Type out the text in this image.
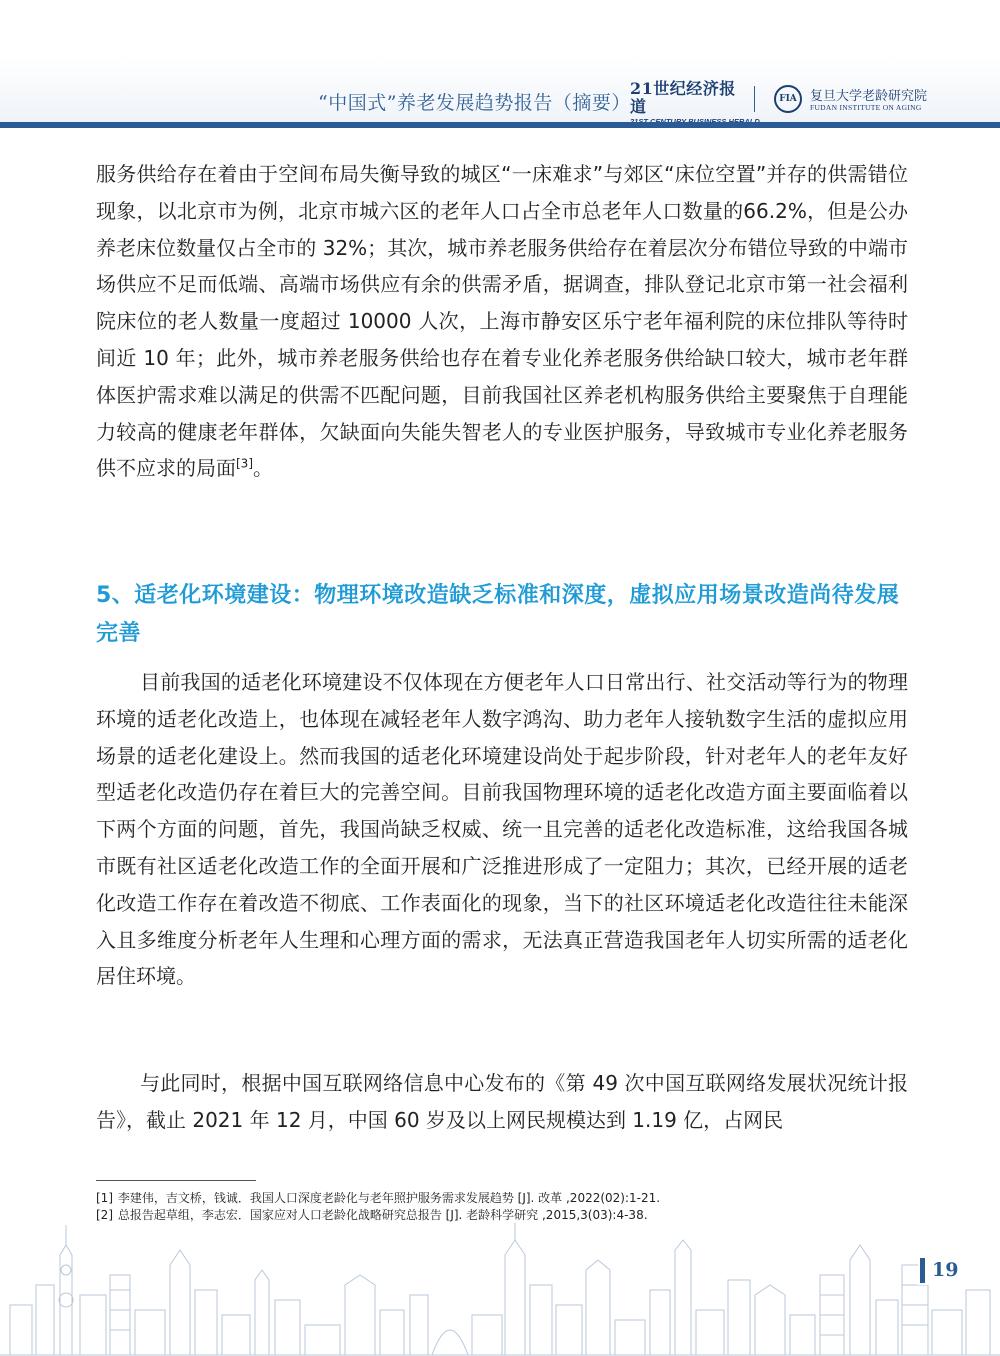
“中国式”养老发展趋势报告（摘要）
21世纪经济报道	FIA	复旦大学老龄研究院
FUDAN INSTITUTE ON AGING

服务供给存在着由于空间布局失衡导致的城区“一床难求”与郊区“床位空置”并存的供需错位现象，以北京市为例，北京市城六区的老年人口占全市总老年人口数量的66.2%，但是公办养老床位数量仅占全市的 32%；其次，城市养老服务供给存在着层次分布错位导致的中端市场供应不足而低端、高端市场供应有余的供需矛盾，据调查，排队登记北京市第一社会福利院床位的老人数量一度超过 10000 人次，上海市静安区乐宁老年福利院的床位排队等待时间近 10 年；此外，城市养老服务供给也存在着专业化养老服务供给缺口较大，城市老年群体医护需求难以满足的供需不匹配问题，目前我国社区养老机构服务供给主要聚焦于自理能力较高的健康老年群体，欠缺面向失能失智老人的专业医护服务，导致城市专业化养老服务供不应求的局面[3]。

5、适老化环境建设：物理环境改造缺乏标准和深度，虚拟应用场景改造尚待发展完善

目前我国的适老化环境建设不仅体现在方便老年人口日常出行、社交活动等行为的物理环境的适老化改造上，也体现在减轻老年人数字鸿沟、助力老年人接轨数字生活的虚拟应用场景的适老化建设上。然而我国的适老化环境建设尚处于起步阶段，针对老年人的老年友好型适老化改造仍存在着巨大的完善空间。目前我国物理环境的适老化改造方面主要面临着以下两个方面的问题，首先，我国尚缺乏权威、统一且完善的适老化改造标准，这给我国各城市既有社区适老化改造工作的全面开展和广泛推进形成了一定阻力；其次，已经开展的适老化改造工作存在着改造不彻底、工作表面化的现象，当下的社区环境适老化改造往往未能深入且多维度分析老年人生理和心理方面的需求，无法真正营造我国老年人切实所需的适老化居住环境。

与此同时，根据中国互联网络信息中心发布的《第 49 次中国互联网络发展状况统计报告》，截止 2021 年 12 月，中国 60 岁及以上网民规模达到 1.19 亿，占网民

[1] 李建伟，吉文桥，钱诚．我国人口深度老龄化与老年照护服务需求发展趋势 [J]. 改革 ,2022(02):1-21.

[2] 总报告起草组，李志宏．国家应对人口老龄化战略研究总报告 [J]. 老龄科学研究 ,2015,3(03):4-38.

19
